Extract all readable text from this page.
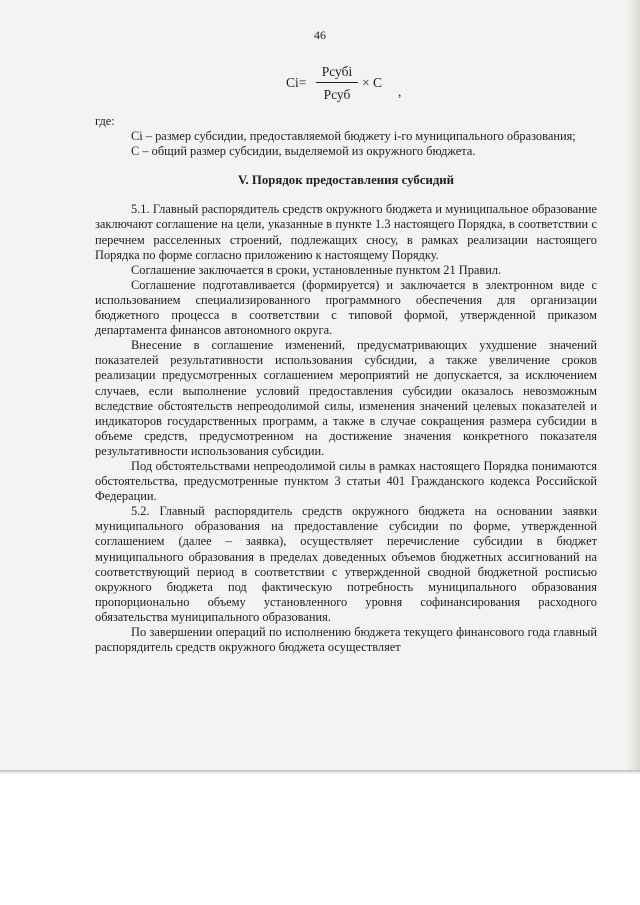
46
Ci=
Pсубi
Pсуб
× С
,

где:

Ci – размер субсидии, предоставляемой бюджету i-го муниципального образования;

С – общий размер субсидии, выделяемой из окружного бюджета.

V. Порядок предоставления субсидий

5.1. Главный распорядитель средств окружного бюджета и муниципальное образование заключают соглашение на цели, указанные в пункте 1.3 настоящего Порядка, в соответствии с перечнем расселенных строений, подлежащих сносу, в рамках реализации настоящего Порядка по форме согласно приложению к настоящему Порядку.

Соглашение заключается в сроки, установленные пунктом 21 Правил.

Соглашение подготавливается (формируется) и заключается в электронном виде с использованием специализированного программного обеспечения для организации бюджетного процесса в соответствии с типовой формой, утвержденной приказом департамента финансов автономного округа.

Внесение в соглашение изменений, предусматривающих ухудшение значений показателей результативности использования субсидии, а также увеличение сроков реализации предусмотренных соглашением мероприятий не допускается, за исключением случаев, если выполнение условий предоставления субсидии оказалось невозможным вследствие обстоятельств непреодолимой силы, изменения значений целевых показателей и индикаторов государственных программ, а также в случае сокращения размера субсидии в объеме средств, предусмотренном на достижение значения конкретного показателя результативности использования субсидии.

Под обстоятельствами непреодолимой силы в рамках настоящего Порядка понимаются обстоятельства, предусмотренные пунктом 3 статьи 401 Гражданского кодекса Российской Федерации.

5.2. Главный распорядитель средств окружного бюджета на основании заявки муниципального образования на предоставление субсидии по форме, утвержденной соглашением (далее – заявка), осуществляет перечисление субсидии в бюджет муниципального образования в пределах доведенных объемов бюджетных ассигнований на соответствующий период в соответствии с утвержденной сводной бюджетной росписью окружного бюджета под фактическую потребность муниципального образования пропорционально объему установленного уровня софинансирования расходного обязательства муниципального образования.

По завершении операций по исполнению бюджета текущего финансового года главный распорядитель средств окружного бюджета осуществляет
